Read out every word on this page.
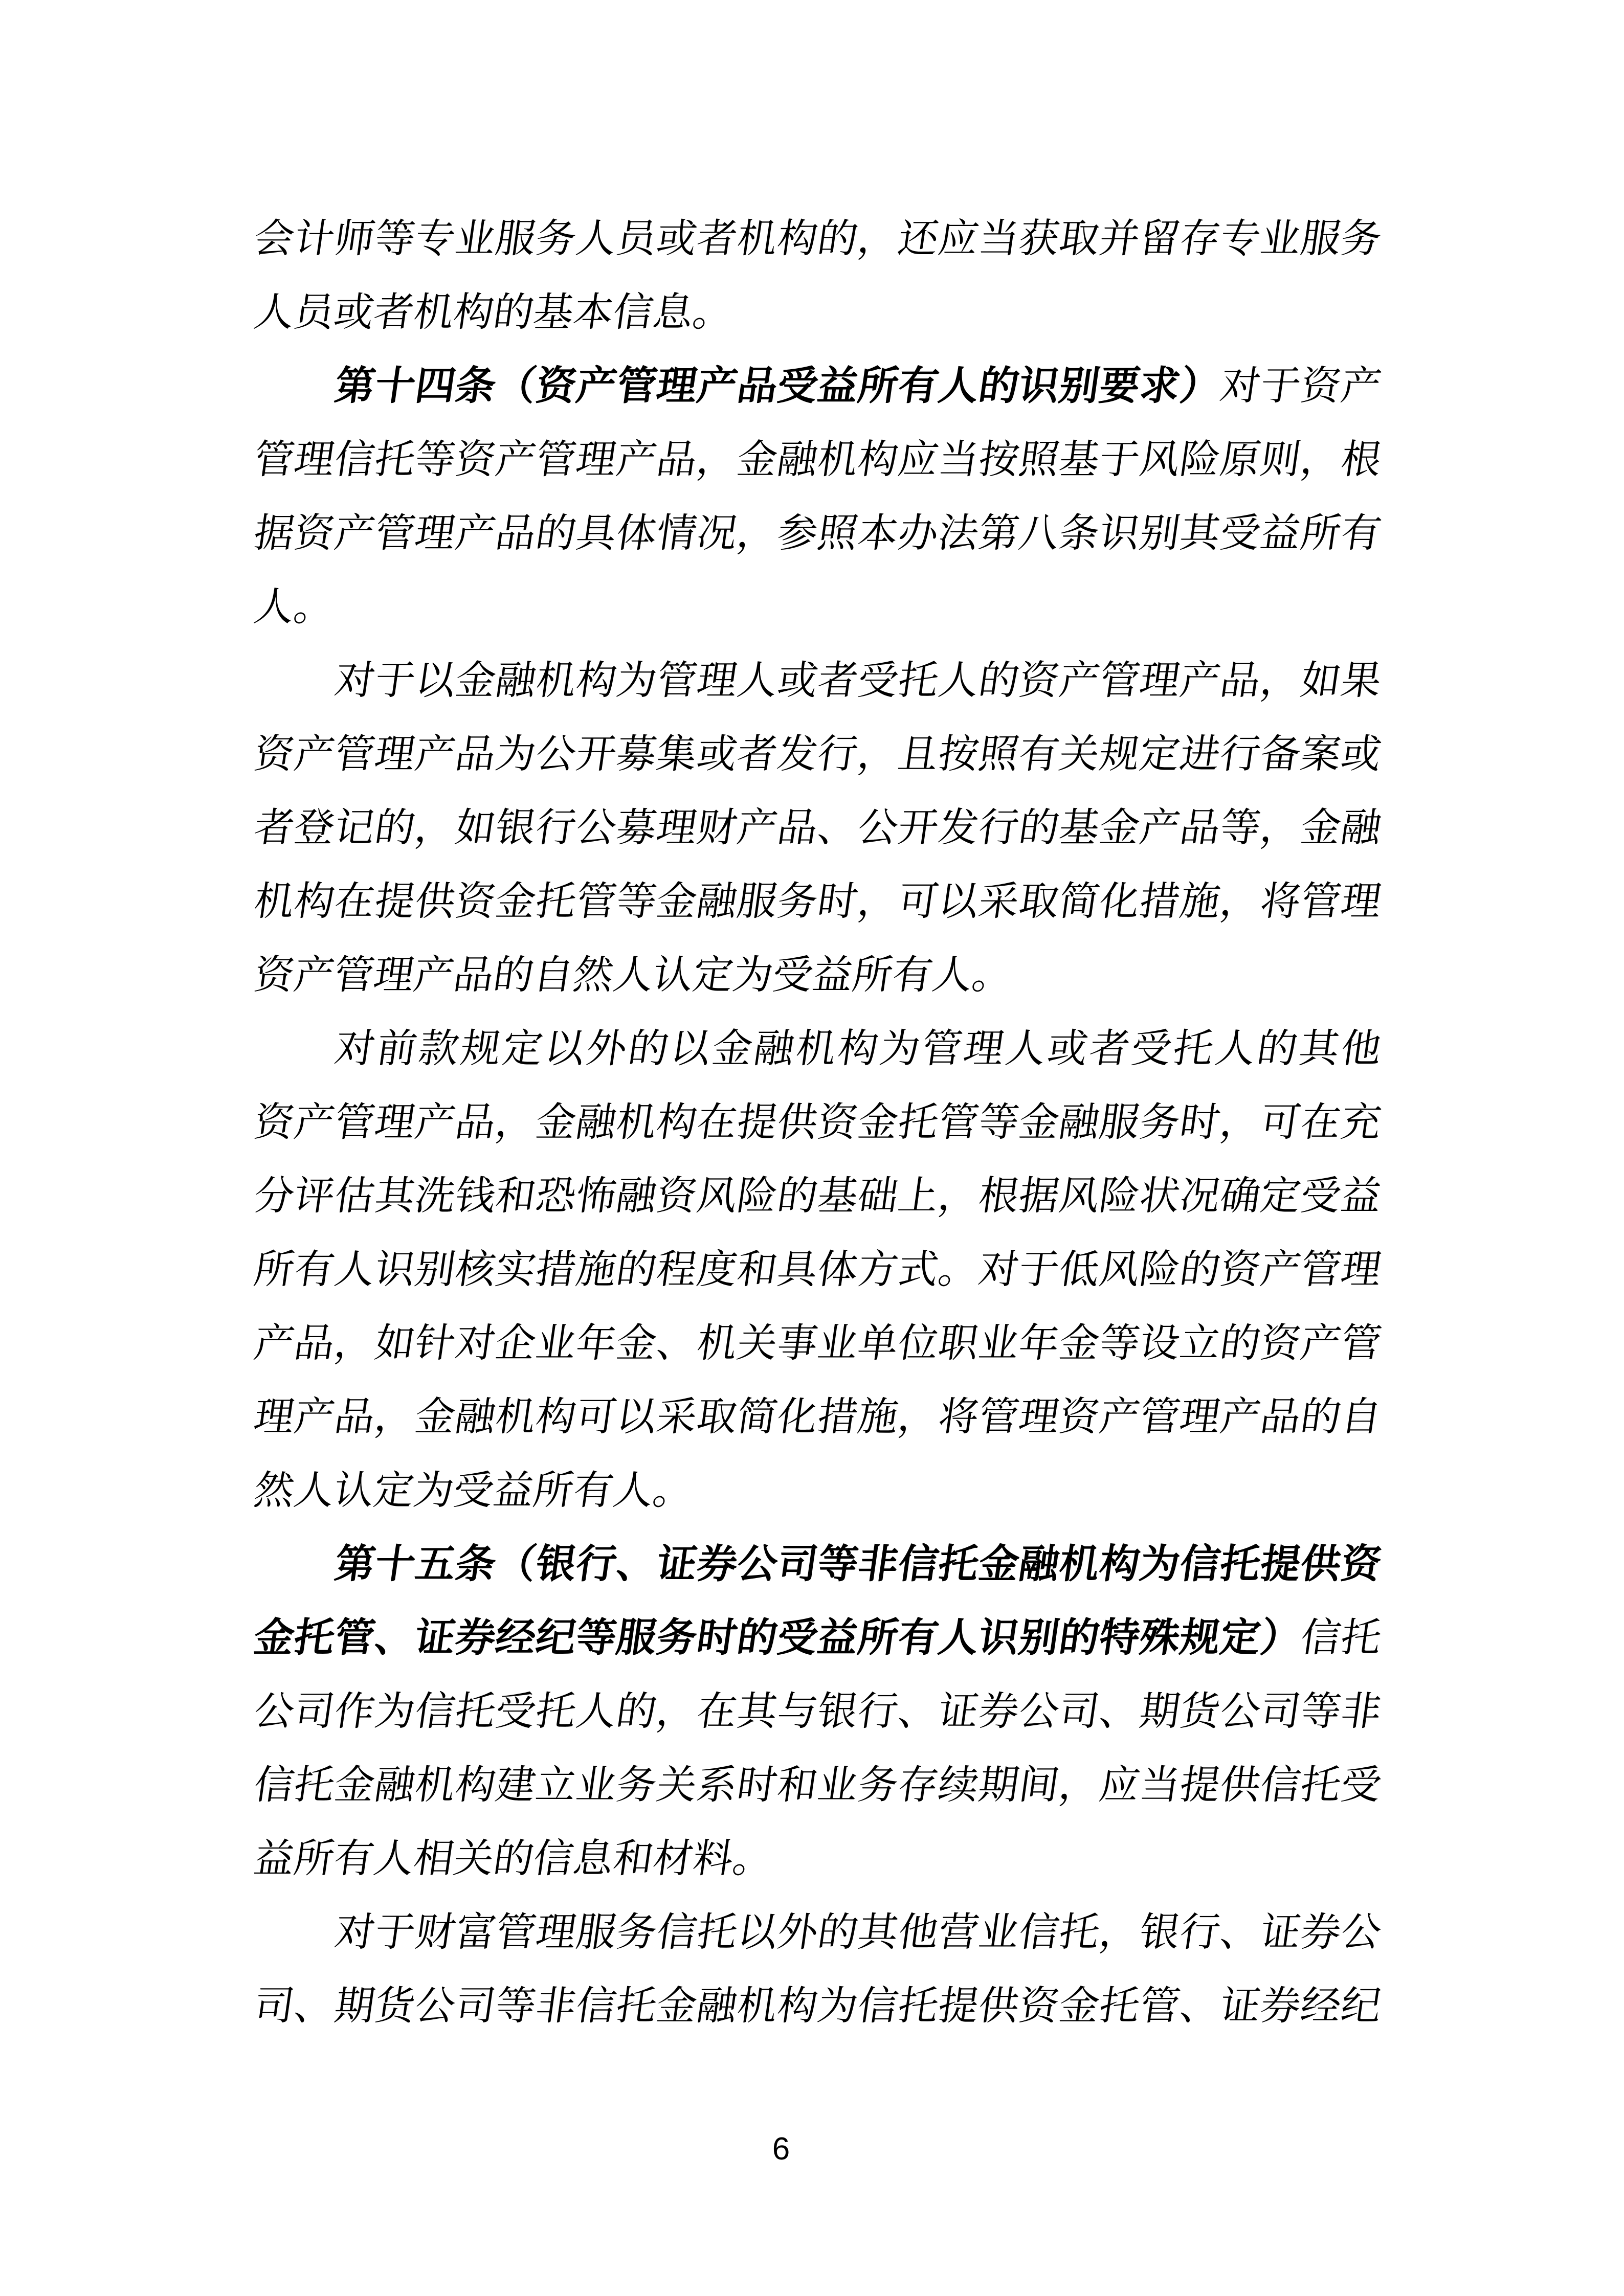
会计师等专业服务人员或者机构的，还应当获取并留存专业服务
人员或者机构的基本信息。
第十四条（资产管理产品受益所有人的识别要求）对于资产
管理信托等资产管理产品，金融机构应当按照基于风险原则，根
据资产管理产品的具体情况，参照本办法第八条识别其受益所有
人。
对于以金融机构为管理人或者受托人的资产管理产品，如果
资产管理产品为公开募集或者发行，且按照有关规定进行备案或
者登记的，如银行公募理财产品、公开发行的基金产品等，金融
机构在提供资金托管等金融服务时，可以采取简化措施，将管理
资产管理产品的自然人认定为受益所有人。
对前款规定以外的以金融机构为管理人或者受托人的其他
资产管理产品，金融机构在提供资金托管等金融服务时，可在充
分评估其洗钱和恐怖融资风险的基础上，根据风险状况确定受益
所有人识别核实措施的程度和具体方式。对于低风险的资产管理
产品，如针对企业年金、机关事业单位职业年金等设立的资产管
理产品，金融机构可以采取简化措施，将管理资产管理产品的自
然人认定为受益所有人。
第十五条（银行、证券公司等非信托金融机构为信托提供资
金托管、证券经纪等服务时的受益所有人识别的特殊规定）信托
公司作为信托受托人的，在其与银行、证券公司、期货公司等非
信托金融机构建立业务关系时和业务存续期间，应当提供信托受
益所有人相关的信息和材料。
对于财富管理服务信托以外的其他营业信托，银行、证券公
司、期货公司等非信托金融机构为信托提供资金托管、证券经纪
6
